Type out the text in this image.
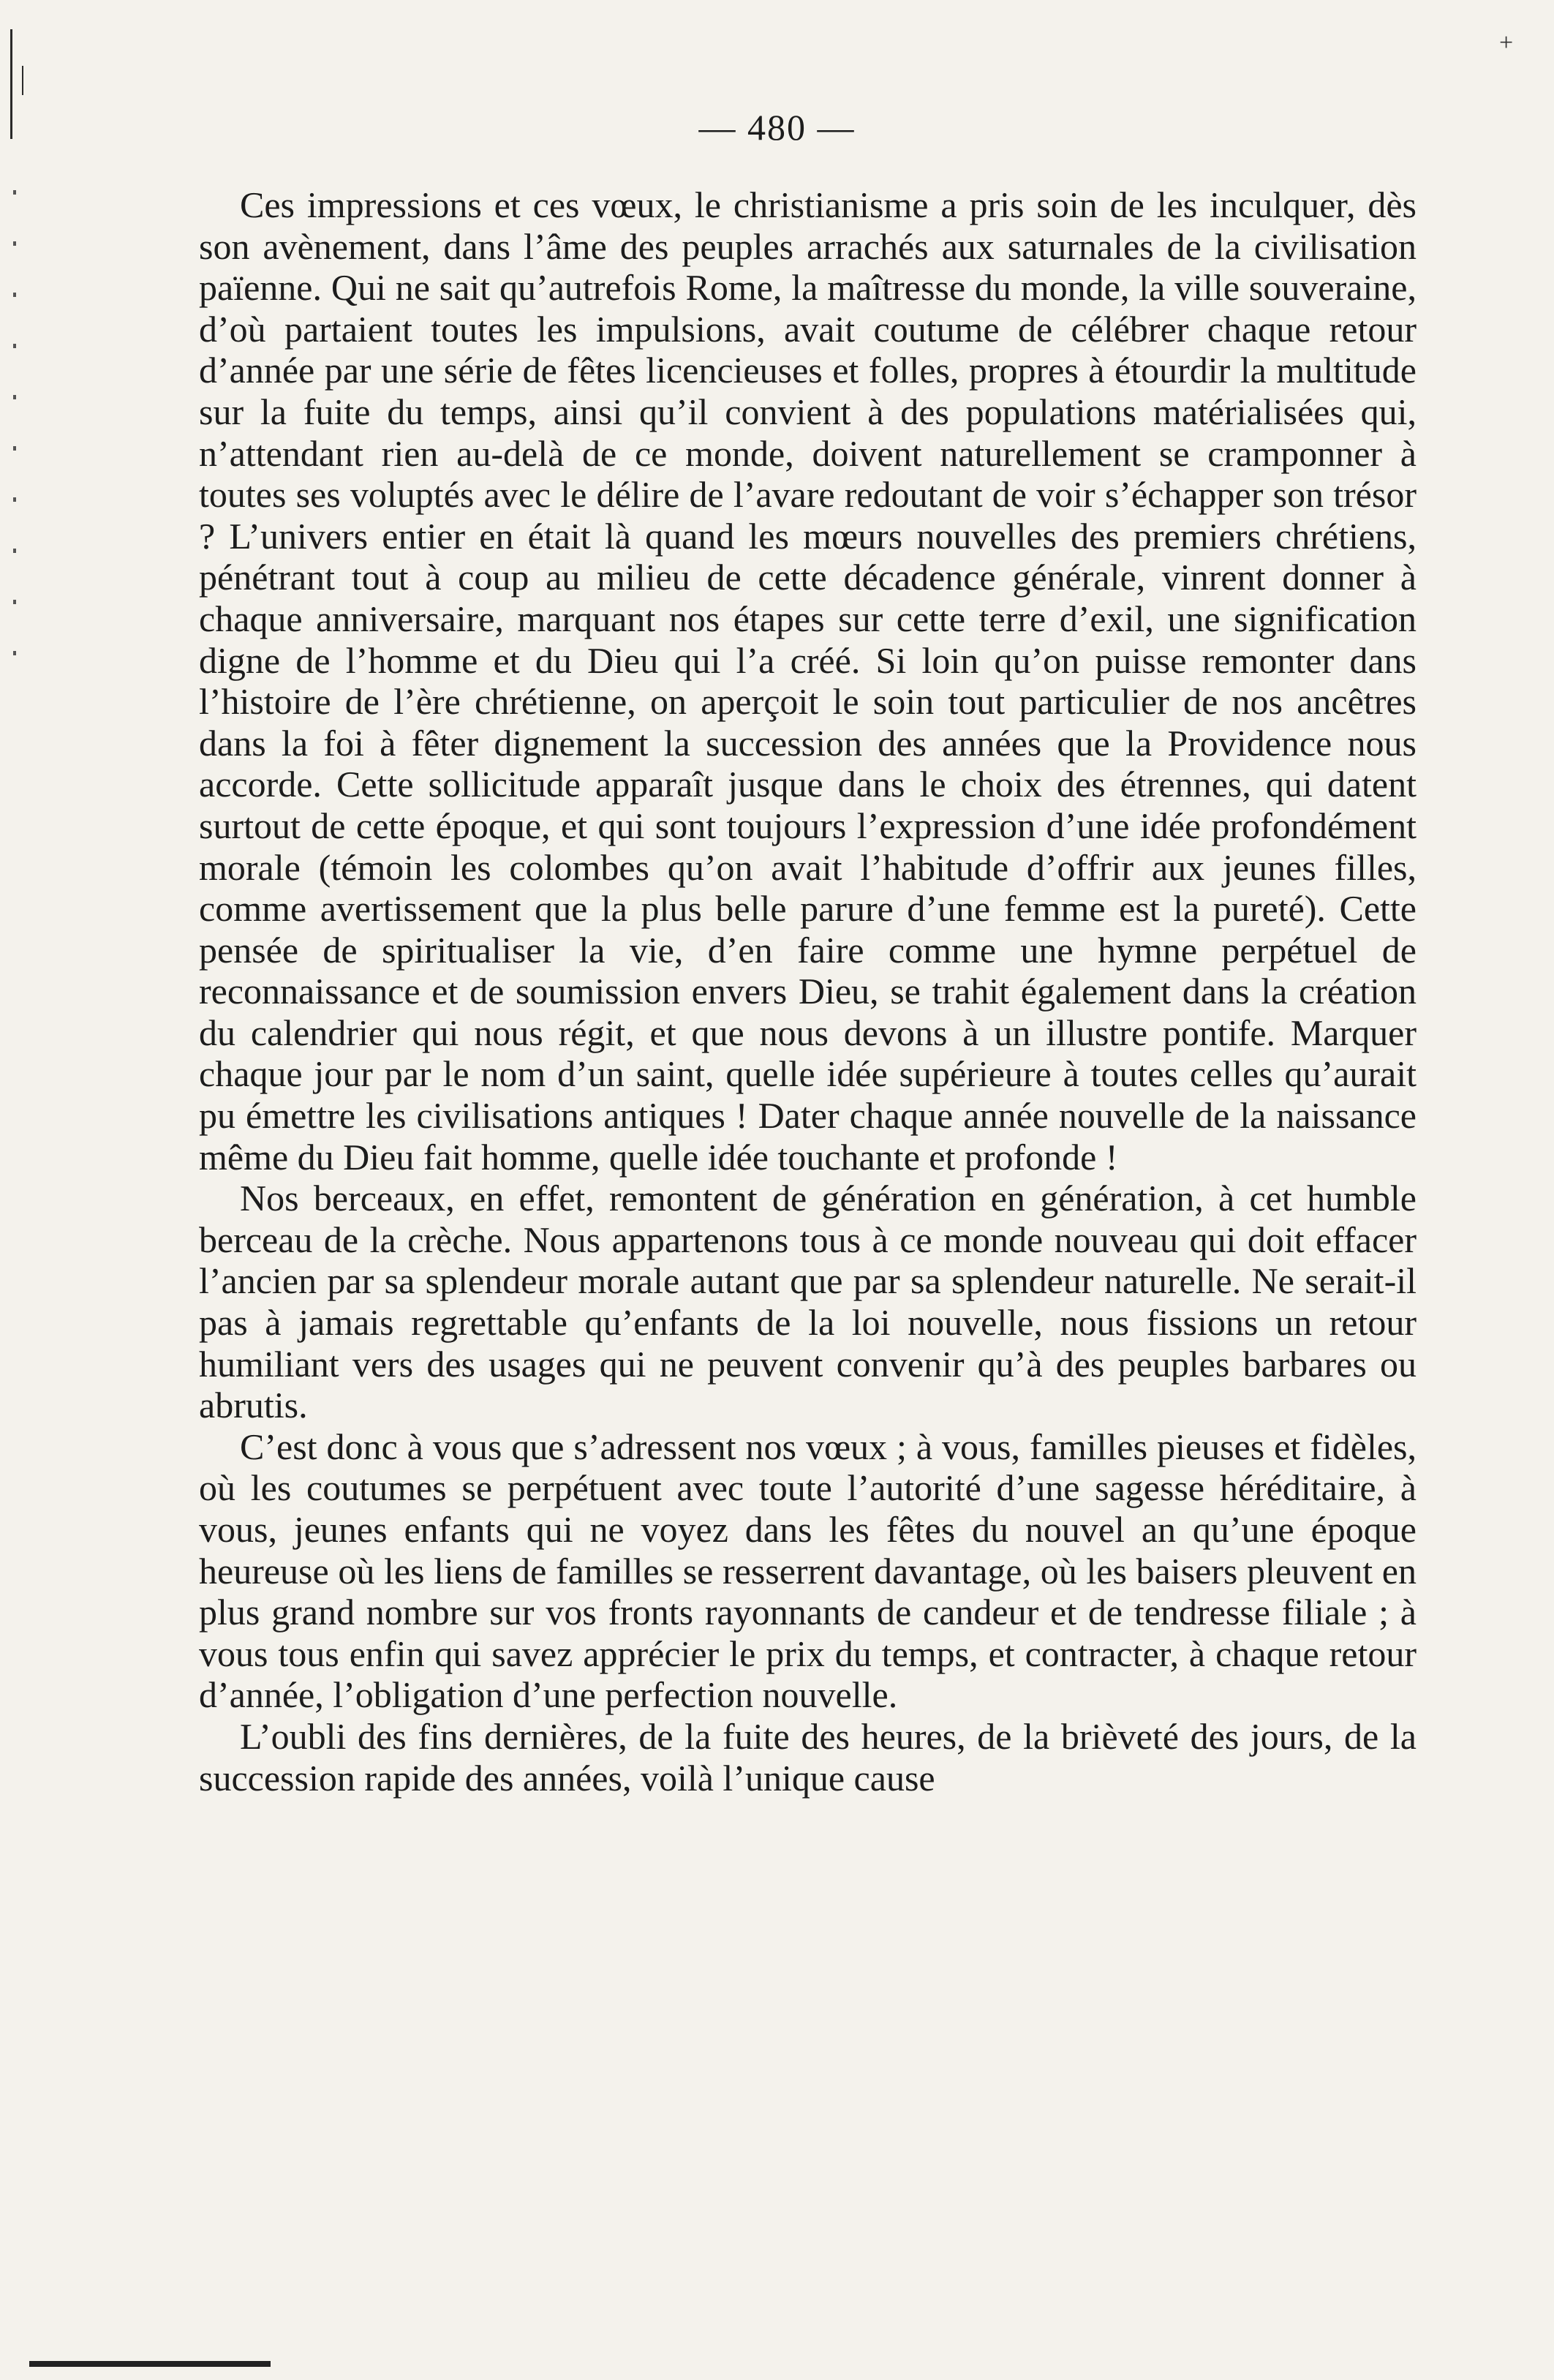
+
— 480 —

Ces impressions et ces vœux, le christianisme a pris soin de les inculquer, dès son avènement, dans l’âme des peuples arrachés aux saturnales de la civilisation païenne. Qui ne sait qu’autrefois Rome, la maîtresse du monde, la ville souveraine, d’où partaient toutes les impulsions, avait coutume de célébrer chaque retour d’année par une série de fêtes licencieuses et folles, propres à étourdir la multitude sur la fuite du temps, ainsi qu’il convient à des populations matérialisées qui, n’attendant rien au-delà de ce monde, doivent naturellement se cramponner à toutes ses voluptés avec le délire de l’avare redoutant de voir s’échapper son trésor ? L’univers entier en était là quand les mœurs nouvelles des premiers chrétiens, pénétrant tout à coup au milieu de cette décadence générale, vinrent donner à chaque anniversaire, marquant nos étapes sur cette terre d’exil, une signification digne de l’homme et du Dieu qui l’a créé. Si loin qu’on puisse remonter dans l’histoire de l’ère chrétienne, on aperçoit le soin tout particulier de nos ancêtres dans la foi à fêter dignement la succession des années que la Providence nous accorde. Cette sollicitude apparaît jusque dans le choix des étrennes, qui datent surtout de cette époque, et qui sont toujours l’expression d’une idée profondément morale (témoin les colombes qu’on avait l’habitude d’offrir aux jeunes filles, comme avertissement que la plus belle parure d’une femme est la pureté). Cette pensée de spiritualiser la vie, d’en faire comme une hymne perpétuel de reconnaissance et de soumission envers Dieu, se trahit également dans la création du calendrier qui nous régit, et que nous devons à un illustre pontife. Marquer chaque jour par le nom d’un saint, quelle idée supérieure à toutes celles qu’aurait pu émettre les civilisations antiques ! Dater chaque année nouvelle de la naissance même du Dieu fait homme, quelle idée touchante et profonde !

Nos berceaux, en effet, remontent de génération en génération, à cet humble berceau de la crèche. Nous appartenons tous à ce monde nouveau qui doit effacer l’ancien par sa splendeur morale autant que par sa splendeur naturelle. Ne serait-il pas à jamais regrettable qu’enfants de la loi nouvelle, nous fissions un retour humiliant vers des usages qui ne peuvent convenir qu’à des peuples barbares ou abrutis.

C’est donc à vous que s’adressent nos vœux ; à vous, familles pieuses et fidèles, où les coutumes se perpétuent avec toute l’autorité d’une sagesse héréditaire, à vous, jeunes enfants qui ne voyez dans les fêtes du nouvel an qu’une époque heureuse où les liens de familles se resserrent davantage, où les baisers pleuvent en plus grand nombre sur vos fronts rayonnants de candeur et de tendresse filiale ; à vous tous enfin qui savez apprécier le prix du temps, et contracter, à chaque retour d’année, l’obligation d’une perfection nouvelle.

L’oubli des fins dernières, de la fuite des heures, de la brièveté des jours, de la succession rapide des années, voilà l’unique cause
